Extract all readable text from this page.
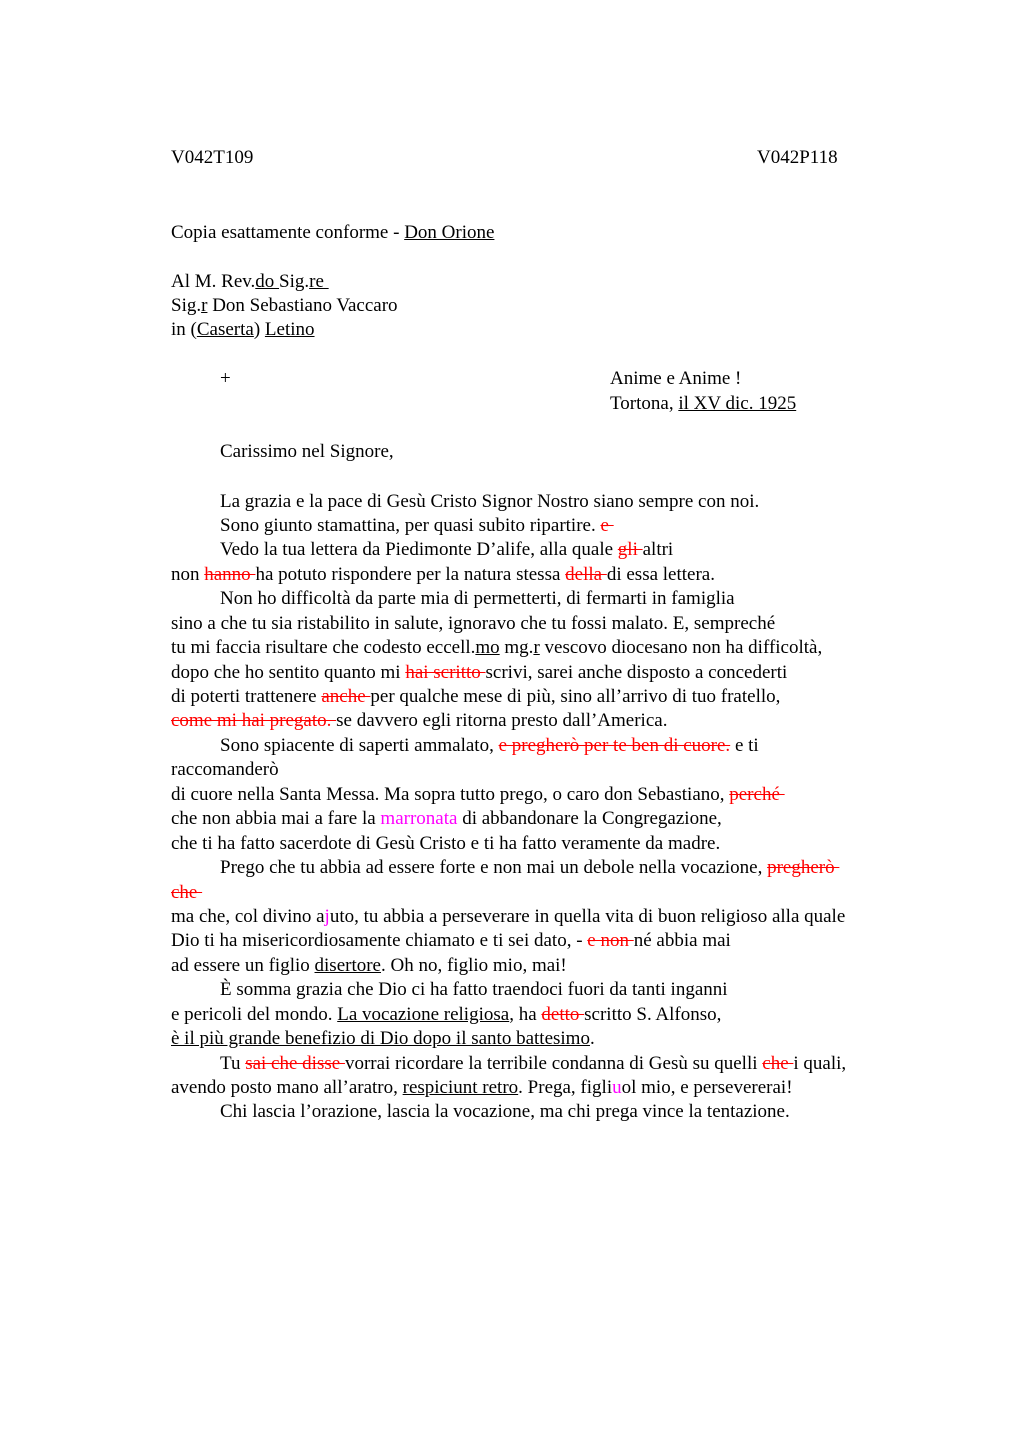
V042T109	V042P118
Copia esattamente conforme - Don Orione
Al M. Rev.do Sig.re
Sig.r Don Sebastiano Vaccaro
in (Caserta) Letino
+	Anime e Anime !
Tortona, il XV dic. 1925
Carissimo nel Signore,
La grazia e la pace di Gesù Cristo Signor Nostro siano sempre con noi.
Sono giunto stamattina, per quasi subito ripartire. e
Vedo la tua lettera da Piedimonte D’alife, alla quale gli altri
non hanno ha potuto rispondere per la natura stessa della di essa lettera.
Non ho difficoltà da parte mia di permetterti, di fermarti in famiglia
sino a che tu sia ristabilito in salute, ignoravo che tu fossi malato. E, sempreché
tu mi faccia risultare che codesto eccell.mo mg.r vescovo diocesano non ha difficoltà,
dopo che ho sentito quanto mi hai scritto scrivi, sarei anche disposto a concederti
di poterti trattenere anche per qualche mese di più, sino all’arrivo di tuo fratello,
come mi hai pregato. se davvero egli ritorna presto dall’America.
Sono spiacente di saperti ammalato, e pregherò per te ben di cuore. e ti
raccomanderò
di cuore nella Santa Messa. Ma sopra tutto prego, o caro don Sebastiano, perché
che non abbia mai a fare la marronata di abbandonare la Congregazione,
che ti ha fatto sacerdote di Gesù Cristo e ti ha fatto veramente da madre.
Prego che tu abbia ad essere forte e non mai un debole nella vocazione, pregherò
che
ma che, col divino ajuto, tu abbia a perseverare in quella vita di buon religioso alla quale
Dio ti ha misericordiosamente chiamato e ti sei dato, - e non né abbia mai
ad essere un figlio disertore. Oh no, figlio mio, mai!
È somma grazia che Dio ci ha fatto traendoci fuori da tanti inganni
e pericoli del mondo. La vocazione religiosa, ha detto scritto S. Alfonso,
è il più grande benefizio di Dio dopo il santo battesimo.
Tu sai che disse vorrai ricordare la terribile condanna di Gesù su quelli che i quali,
avendo posto mano all’aratro, respiciunt retro. Prega, figliuol mio, e persevererai!
Chi lascia l’orazione, lascia la vocazione, ma chi prega vince la tentazione.
